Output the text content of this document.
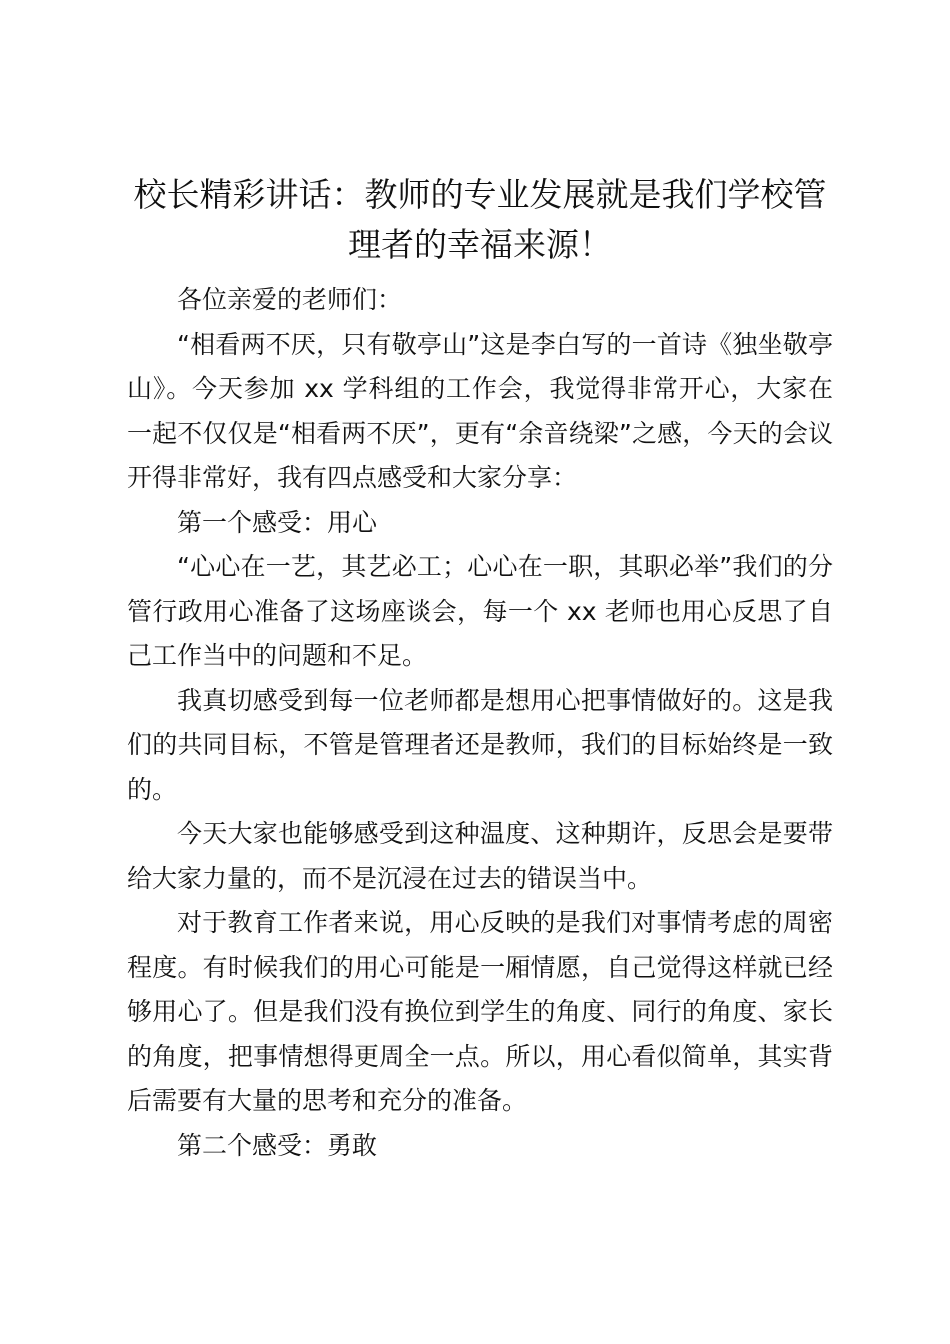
校长精彩讲话：教师的专业发展就是我们学校管理者的幸福来源！

各位亲爱的老师们：

“相看两不厌，只有敬亭山”这是李白写的一首诗《独坐敬亭山》。今天参加 xx 学科组的工作会，我觉得非常开心，大家在一起不仅仅是“相看两不厌”，更有“余音绕梁”之感，今天的会议开得非常好，我有四点感受和大家分享：

第一个感受：用心

“心心在一艺，其艺必工；心心在一职，其职必举”我们的分管行政用心准备了这场座谈会，每一个 xx 老师也用心反思了自己工作当中的问题和不足。

我真切感受到每一位老师都是想用心把事情做好的。这是我们的共同目标，不管是管理者还是教师，我们的目标始终是一致的。

今天大家也能够感受到这种温度、这种期许，反思会是要带给大家力量的，而不是沉浸在过去的错误当中。

对于教育工作者来说，用心反映的是我们对事情考虑的周密程度。有时候我们的用心可能是一厢情愿，自己觉得这样就已经够用心了。但是我们没有换位到学生的角度、同行的角度、家长的角度，把事情想得更周全一点。所以，用心看似简单，其实背后需要有大量的思考和充分的准备。

第二个感受：勇敢
